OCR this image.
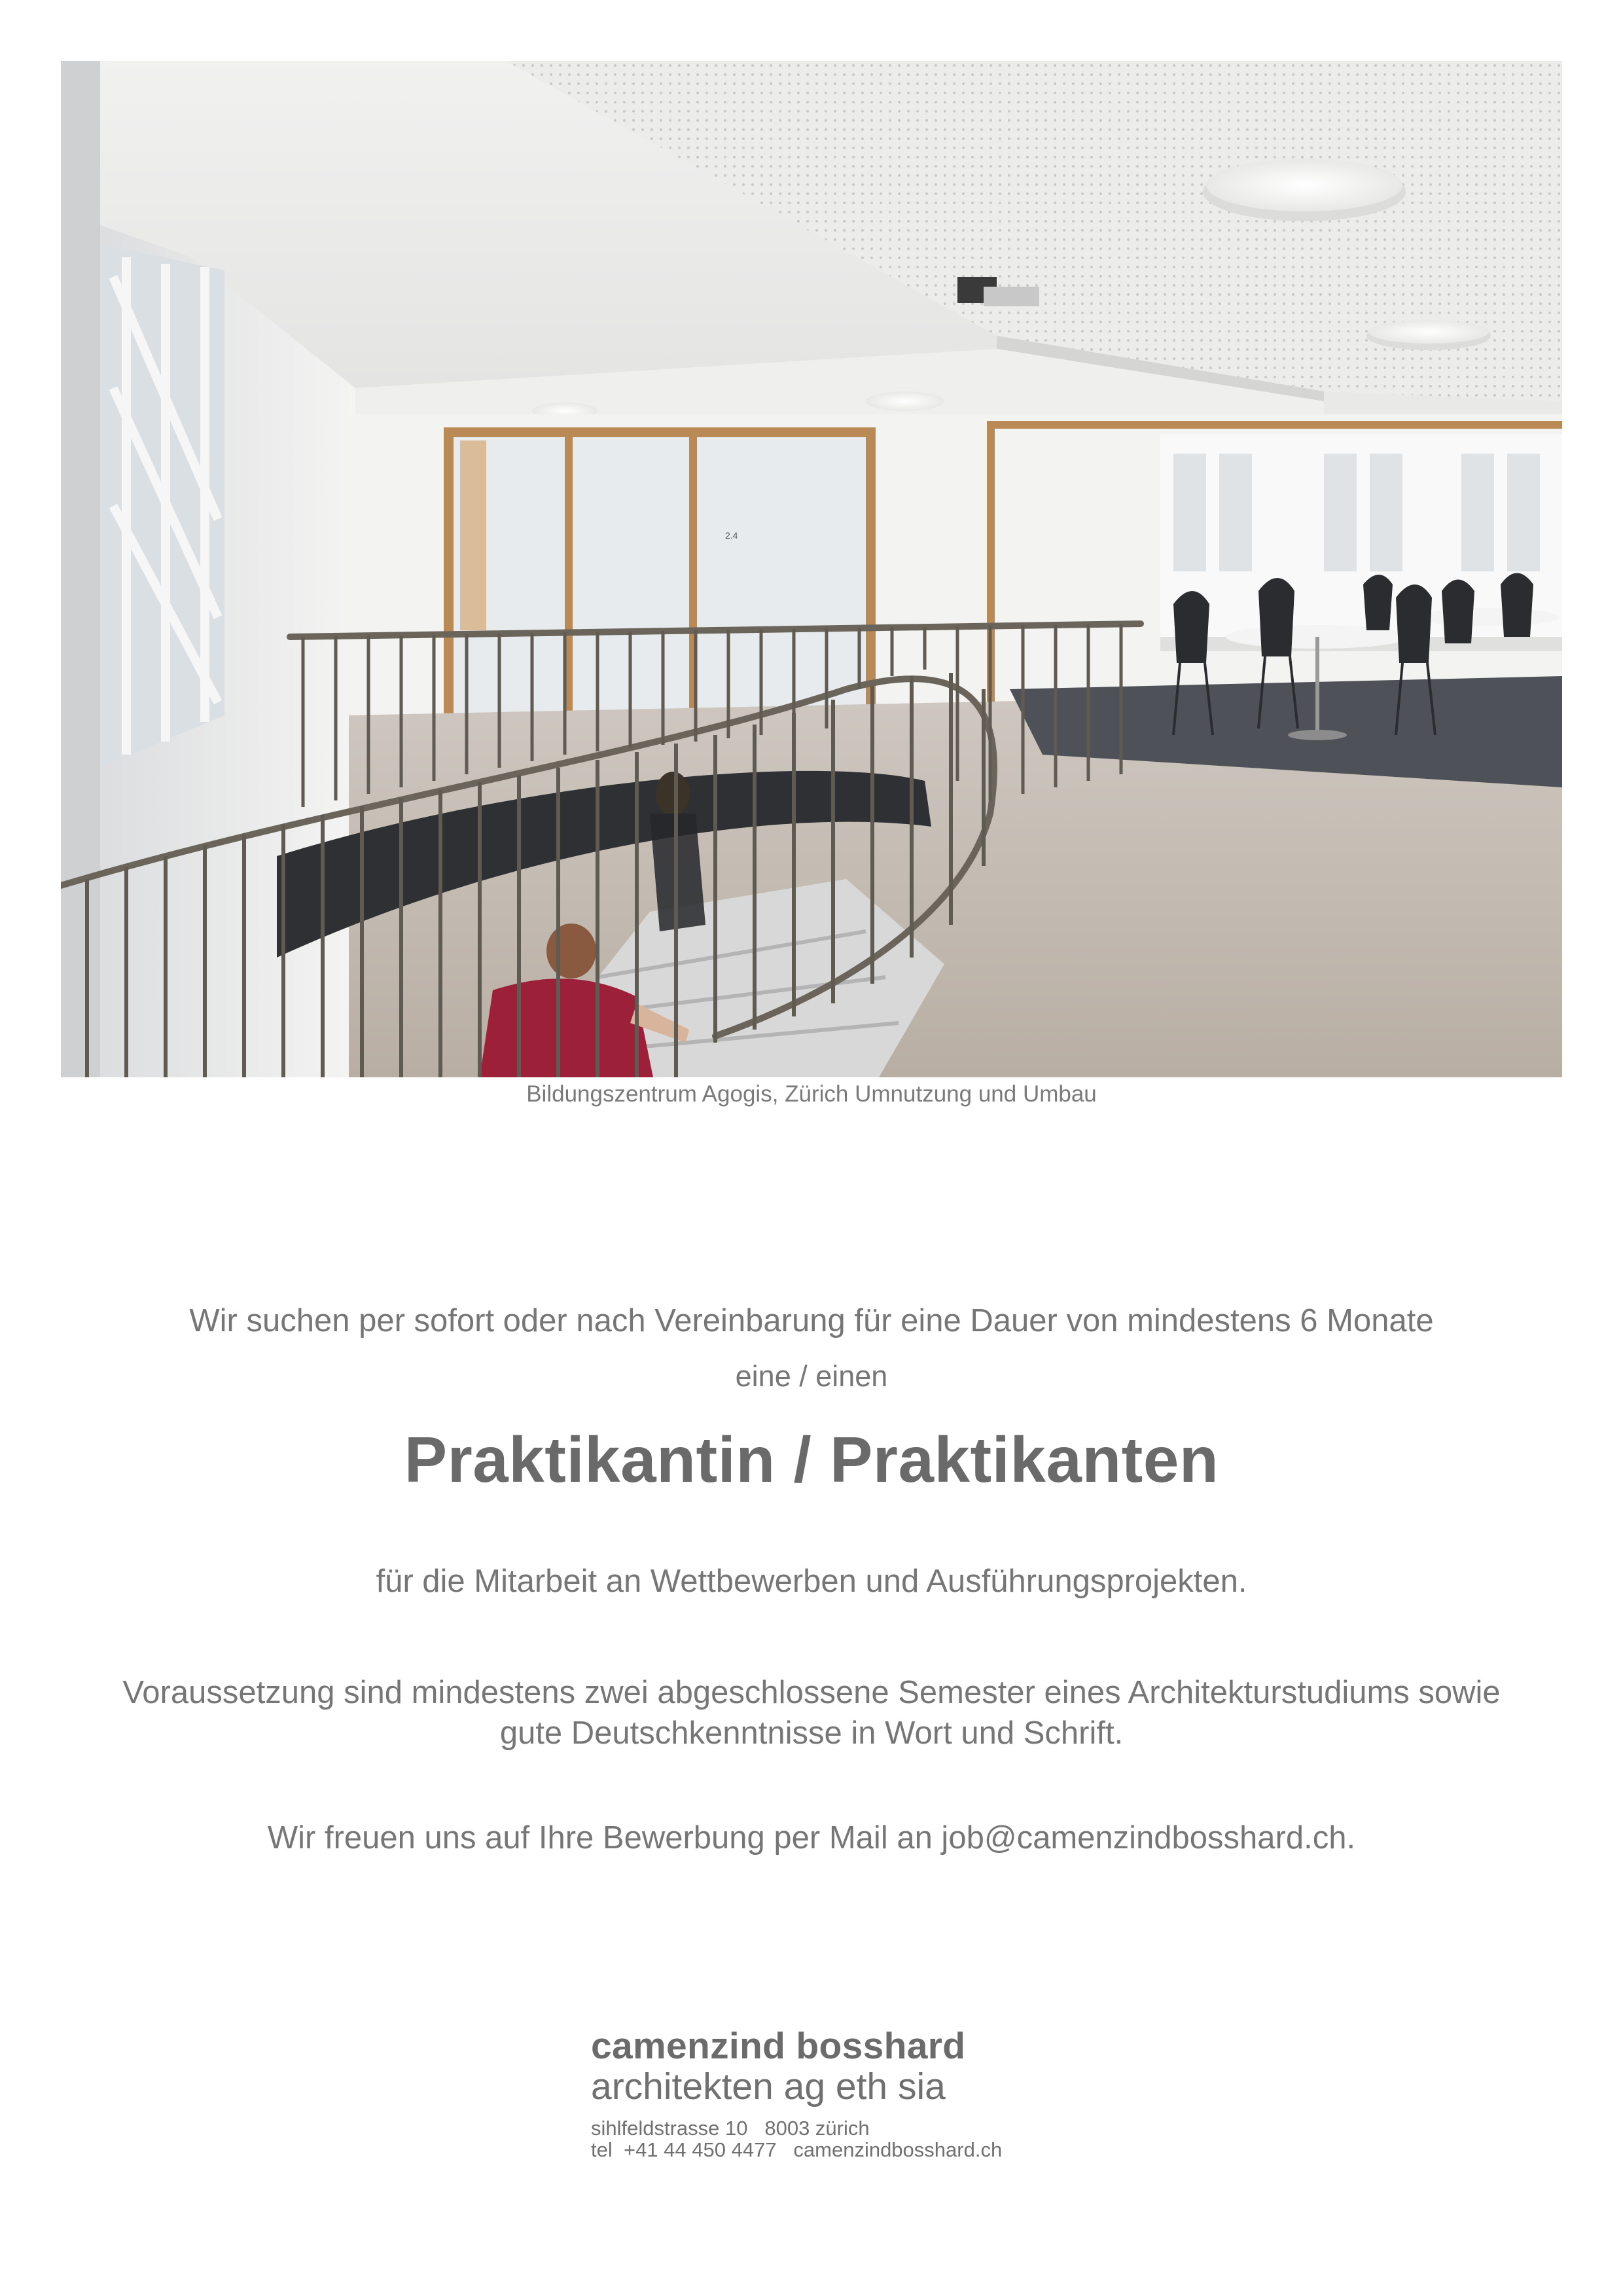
2.4
Bildungszentrum Agogis, Zürich Umnutzung und Umbau
Wir suchen per sofort oder nach Vereinbarung für eine Dauer von mindestens 6 Monate
eine / einen
Praktikantin / Praktikanten
für die Mitarbeit an Wettbewerben und Ausführungsprojekten.
Voraussetzung sind mindestens zwei abgeschlossene Semester eines Architekturstudiums sowie
gute Deutschkenntnisse in Wort und Schrift.
Wir freuen uns auf Ihre Bewerbung per Mail an job@camenzindbosshard.ch.
camenzind bosshard
architekten ag eth sia
sihlfeldstrasse 10   8003 zürich
tel  +41 44 450 4477   camenzindbosshard.ch
